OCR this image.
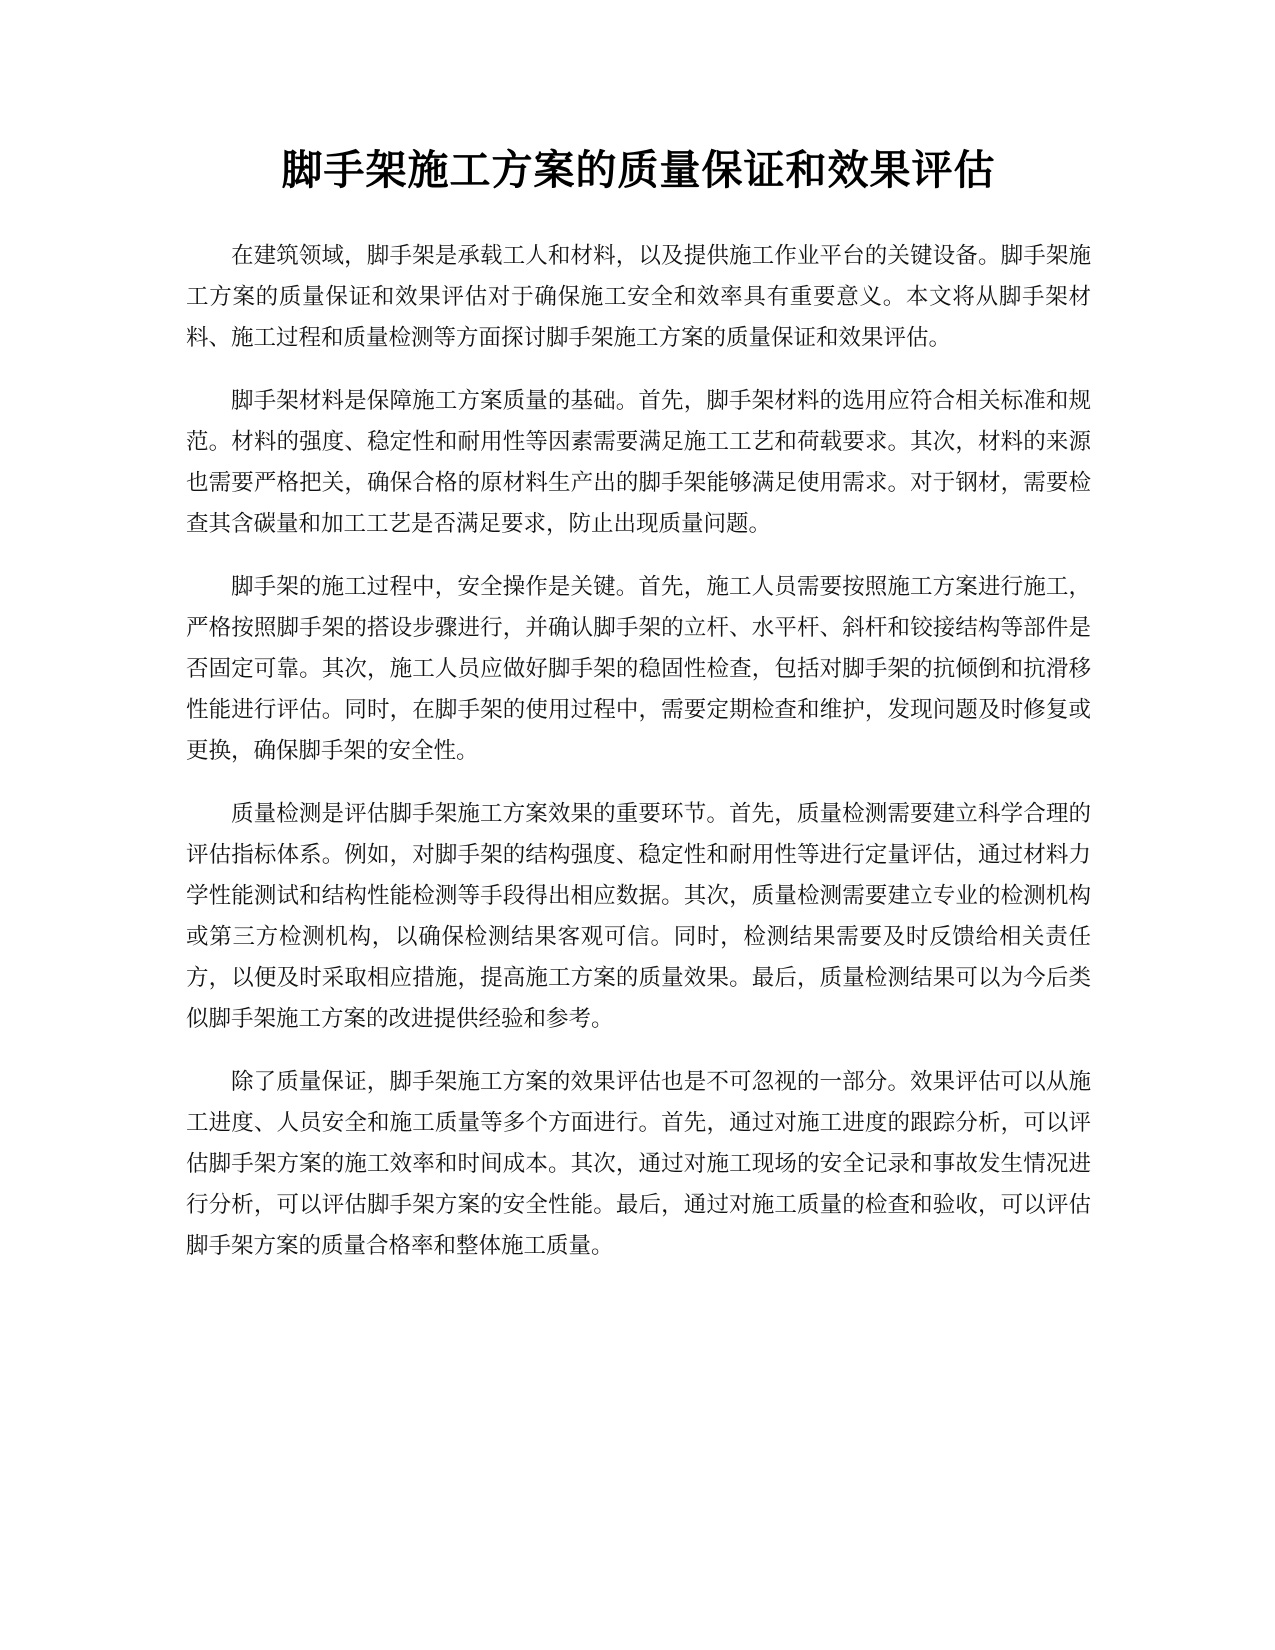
脚手架施工方案的质量保证和效果评估

在建筑领域，脚手架是承载工人和材料，以及提供施工作业平台的关键设备。脚手架施工方案的质量保证和效果评估对于确保施工安全和效率具有重要意义。本文将从脚手架材料、施工过程和质量检测等方面探讨脚手架施工方案的质量保证和效果评估。

脚手架材料是保障施工方案质量的基础。首先，脚手架材料的选用应符合相关标准和规范。材料的强度、稳定性和耐用性等因素需要满足施工工艺和荷载要求。其次，材料的来源也需要严格把关，确保合格的原材料生产出的脚手架能够满足使用需求。对于钢材，需要检查其含碳量和加工工艺是否满足要求，防止出现质量问题。

脚手架的施工过程中，安全操作是关键。首先，施工人员需要按照施工方案进行施工，严格按照脚手架的搭设步骤进行，并确认脚手架的立杆、水平杆、斜杆和铰接结构等部件是否固定可靠。其次，施工人员应做好脚手架的稳固性检查，包括对脚手架的抗倾倒和抗滑移性能进行评估。同时，在脚手架的使用过程中，需要定期检查和维护，发现问题及时修复或更换，确保脚手架的安全性。

质量检测是评估脚手架施工方案效果的重要环节。首先，质量检测需要建立科学合理的评估指标体系。例如，对脚手架的结构强度、稳定性和耐用性等进行定量评估，通过材料力学性能测试和结构性能检测等手段得出相应数据。其次，质量检测需要建立专业的检测机构或第三方检测机构，以确保检测结果客观可信。同时，检测结果需要及时反馈给相关责任方，以便及时采取相应措施，提高施工方案的质量效果。最后，质量检测结果可以为今后类似脚手架施工方案的改进提供经验和参考。

除了质量保证，脚手架施工方案的效果评估也是不可忽视的一部分。效果评估可以从施工进度、人员安全和施工质量等多个方面进行。首先，通过对施工进度的跟踪分析，可以评估脚手架方案的施工效率和时间成本。其次，通过对施工现场的安全记录和事故发生情况进行分析，可以评估脚手架方案的安全性能。最后，通过对施工质量的检查和验收，可以评估脚手架方案的质量合格率和整体施工质量。
